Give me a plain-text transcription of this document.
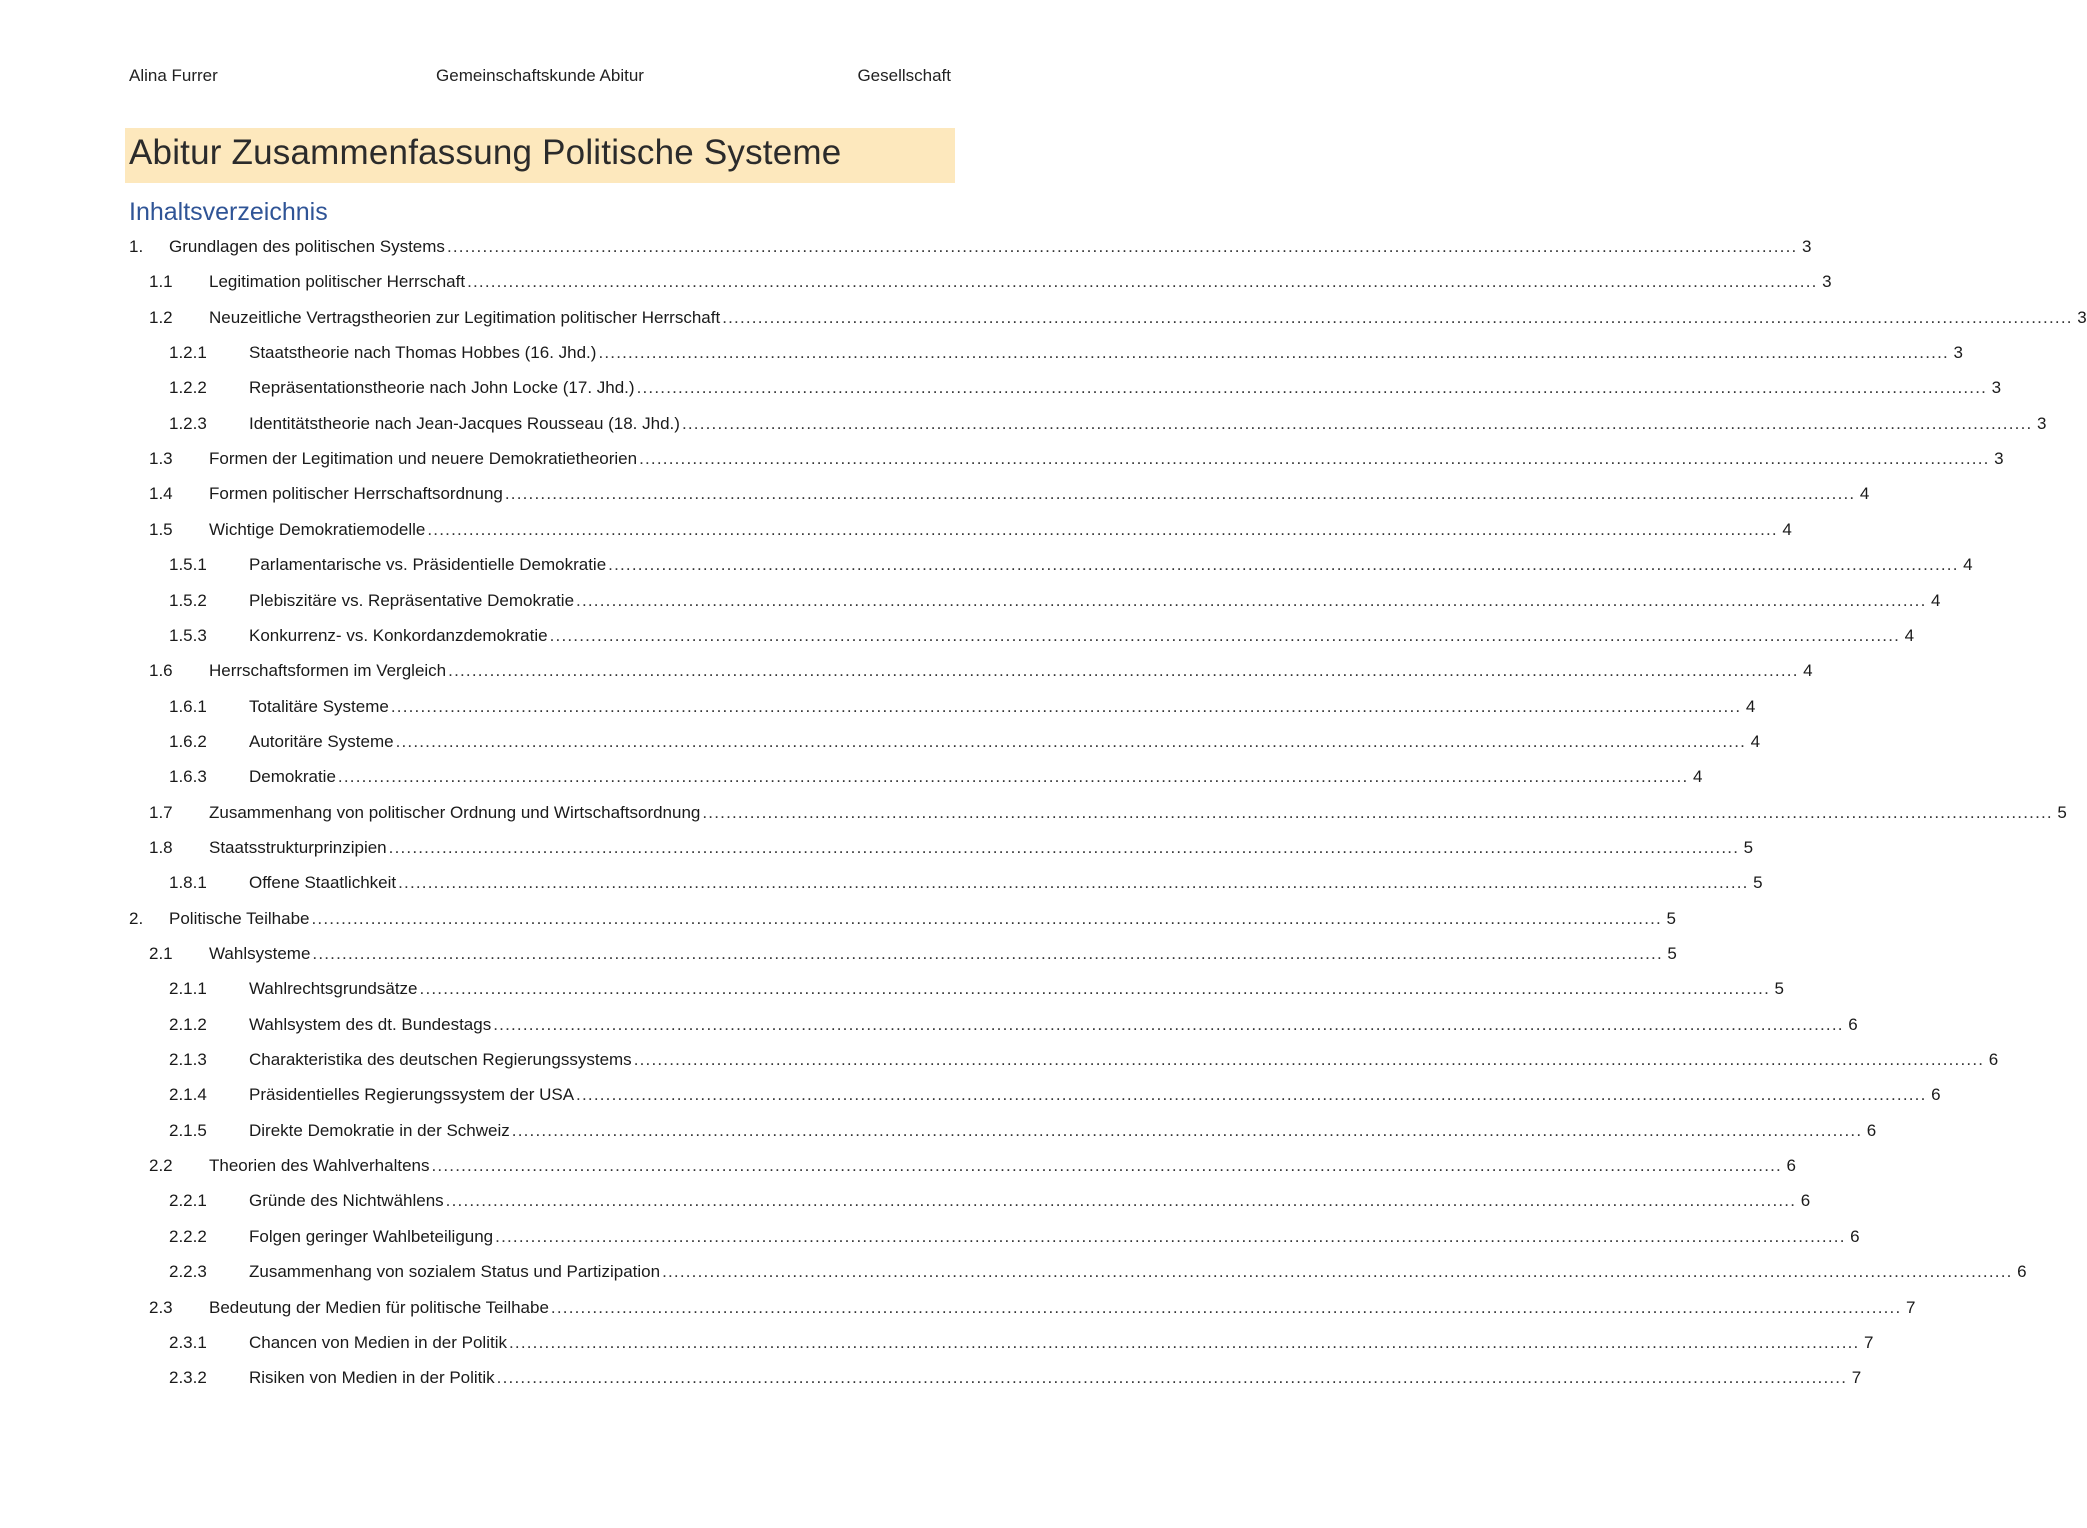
Alina Furrer	Gemeinschaftskunde Abitur	Gesellschaft
Abitur Zusammenfassung Politische Systeme
Inhaltsverzeichnis
1. Grundlagen des politischen Systems .................................................................................................................................................................................................................................... 3
1.1 Legitimation politischer Herrschaft .................................................................................................................................................................................................................................... 3
1.2 Neuzeitliche Vertragstheorien zur Legitimation politischer Herrschaft .................................................................................................................................................................................................................................... 3
1.2.1 Staatstheorie nach Thomas Hobbes (16. Jhd.) .................................................................................................................................................................................................................................... 3
1.2.2 Repräsentationstheorie nach John Locke (17. Jhd.) .................................................................................................................................................................................................................................... 3
1.2.3 Identitätstheorie nach Jean-Jacques Rousseau (18. Jhd.) .................................................................................................................................................................................................................................... 3
1.3 Formen der Legitimation und neuere Demokratietheorien .................................................................................................................................................................................................................................... 3
1.4 Formen politischer Herrschaftsordnung .................................................................................................................................................................................................................................... 4
1.5 Wichtige Demokratiemodelle .................................................................................................................................................................................................................................... 4
1.5.1 Parlamentarische vs. Präsidentielle Demokratie .................................................................................................................................................................................................................................... 4
1.5.2 Plebiszitäre vs. Repräsentative Demokratie .................................................................................................................................................................................................................................... 4
1.5.3 Konkurrenz- vs. Konkordanzdemokratie .................................................................................................................................................................................................................................... 4
1.6 Herrschaftsformen im Vergleich .................................................................................................................................................................................................................................... 4
1.6.1 Totalitäre Systeme .................................................................................................................................................................................................................................... 4
1.6.2 Autoritäre Systeme .................................................................................................................................................................................................................................... 4
1.6.3 Demokratie .................................................................................................................................................................................................................................... 4
1.7 Zusammenhang von politischer Ordnung und Wirtschaftsordnung .................................................................................................................................................................................................................................... 5
1.8 Staatsstrukturprinzipien .................................................................................................................................................................................................................................... 5
1.8.1 Offene Staatlichkeit .................................................................................................................................................................................................................................... 5
2. Politische Teilhabe .................................................................................................................................................................................................................................... 5
2.1 Wahlsysteme .................................................................................................................................................................................................................................... 5
2.1.1 Wahlrechtsgrundsätze .................................................................................................................................................................................................................................... 5
2.1.2 Wahlsystem des dt. Bundestags .................................................................................................................................................................................................................................... 6
2.1.3 Charakteristika des deutschen Regierungssystems .................................................................................................................................................................................................................................... 6
2.1.4 Präsidentielles Regierungssystem der USA .................................................................................................................................................................................................................................... 6
2.1.5 Direkte Demokratie in der Schweiz .................................................................................................................................................................................................................................... 6
2.2 Theorien des Wahlverhaltens .................................................................................................................................................................................................................................... 6
2.2.1 Gründe des Nichtwählens .................................................................................................................................................................................................................................... 6
2.2.2 Folgen geringer Wahlbeteiligung .................................................................................................................................................................................................................................... 6
2.2.3 Zusammenhang von sozialem Status und Partizipation .................................................................................................................................................................................................................................... 6
2.3 Bedeutung der Medien für politische Teilhabe .................................................................................................................................................................................................................................... 7
2.3.1 Chancen von Medien in der Politik .................................................................................................................................................................................................................................... 7
2.3.2 Risiken von Medien in der Politik .................................................................................................................................................................................................................................... 7
